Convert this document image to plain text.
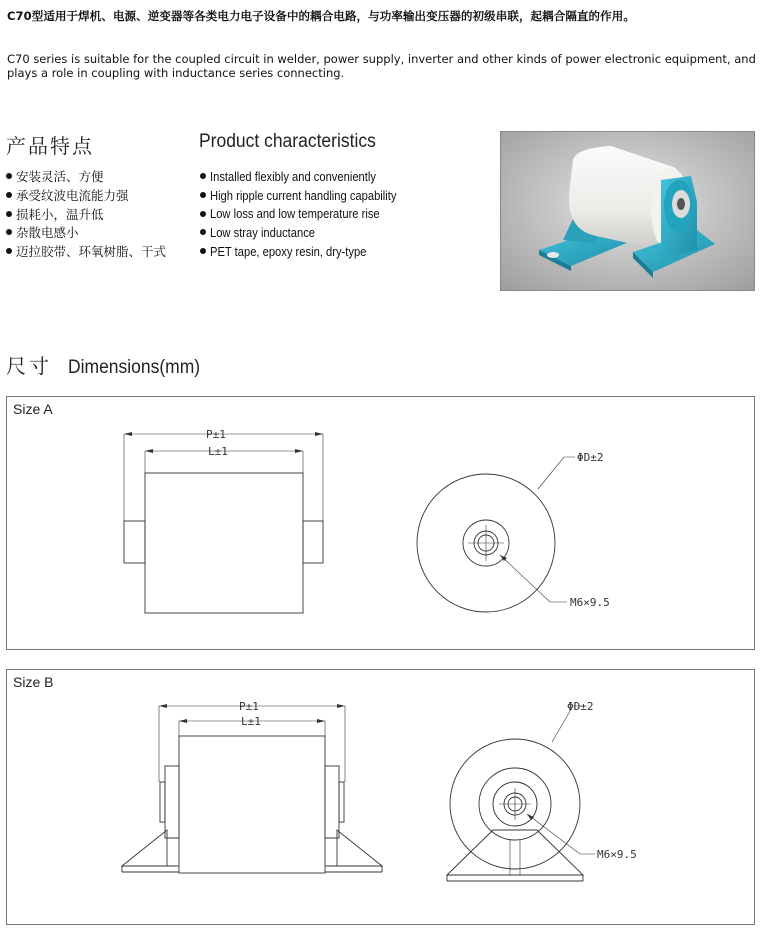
C70型适用于焊机、电源、逆变器等各类电力电子设备中的耦合电路，与功率输出变压器的初级串联，起耦合隔直的作用。
C70 series is suitable for the coupled circuit in welder, power supply, inverter and other kinds of power electronic equipment, and plays a role in coupling with inductance series connecting.
产品特点	Product characteristics
安装灵活、方便
承受纹波电流能力强
损耗小，温升低
杂散电感小
迈拉胶带、环氧树脂、干式
Installed flexibly and conveniently
High ripple current handling capability
Low loss and low temperature rise
Low stray inductance
PET tape, epoxy resin, dry-type
尺寸 Dimensions(mm)
Size A
P±1
L±1	ΦD±2
M6×9.5
Size B
P±1
L±1
ΦD±2
M6×9.5
